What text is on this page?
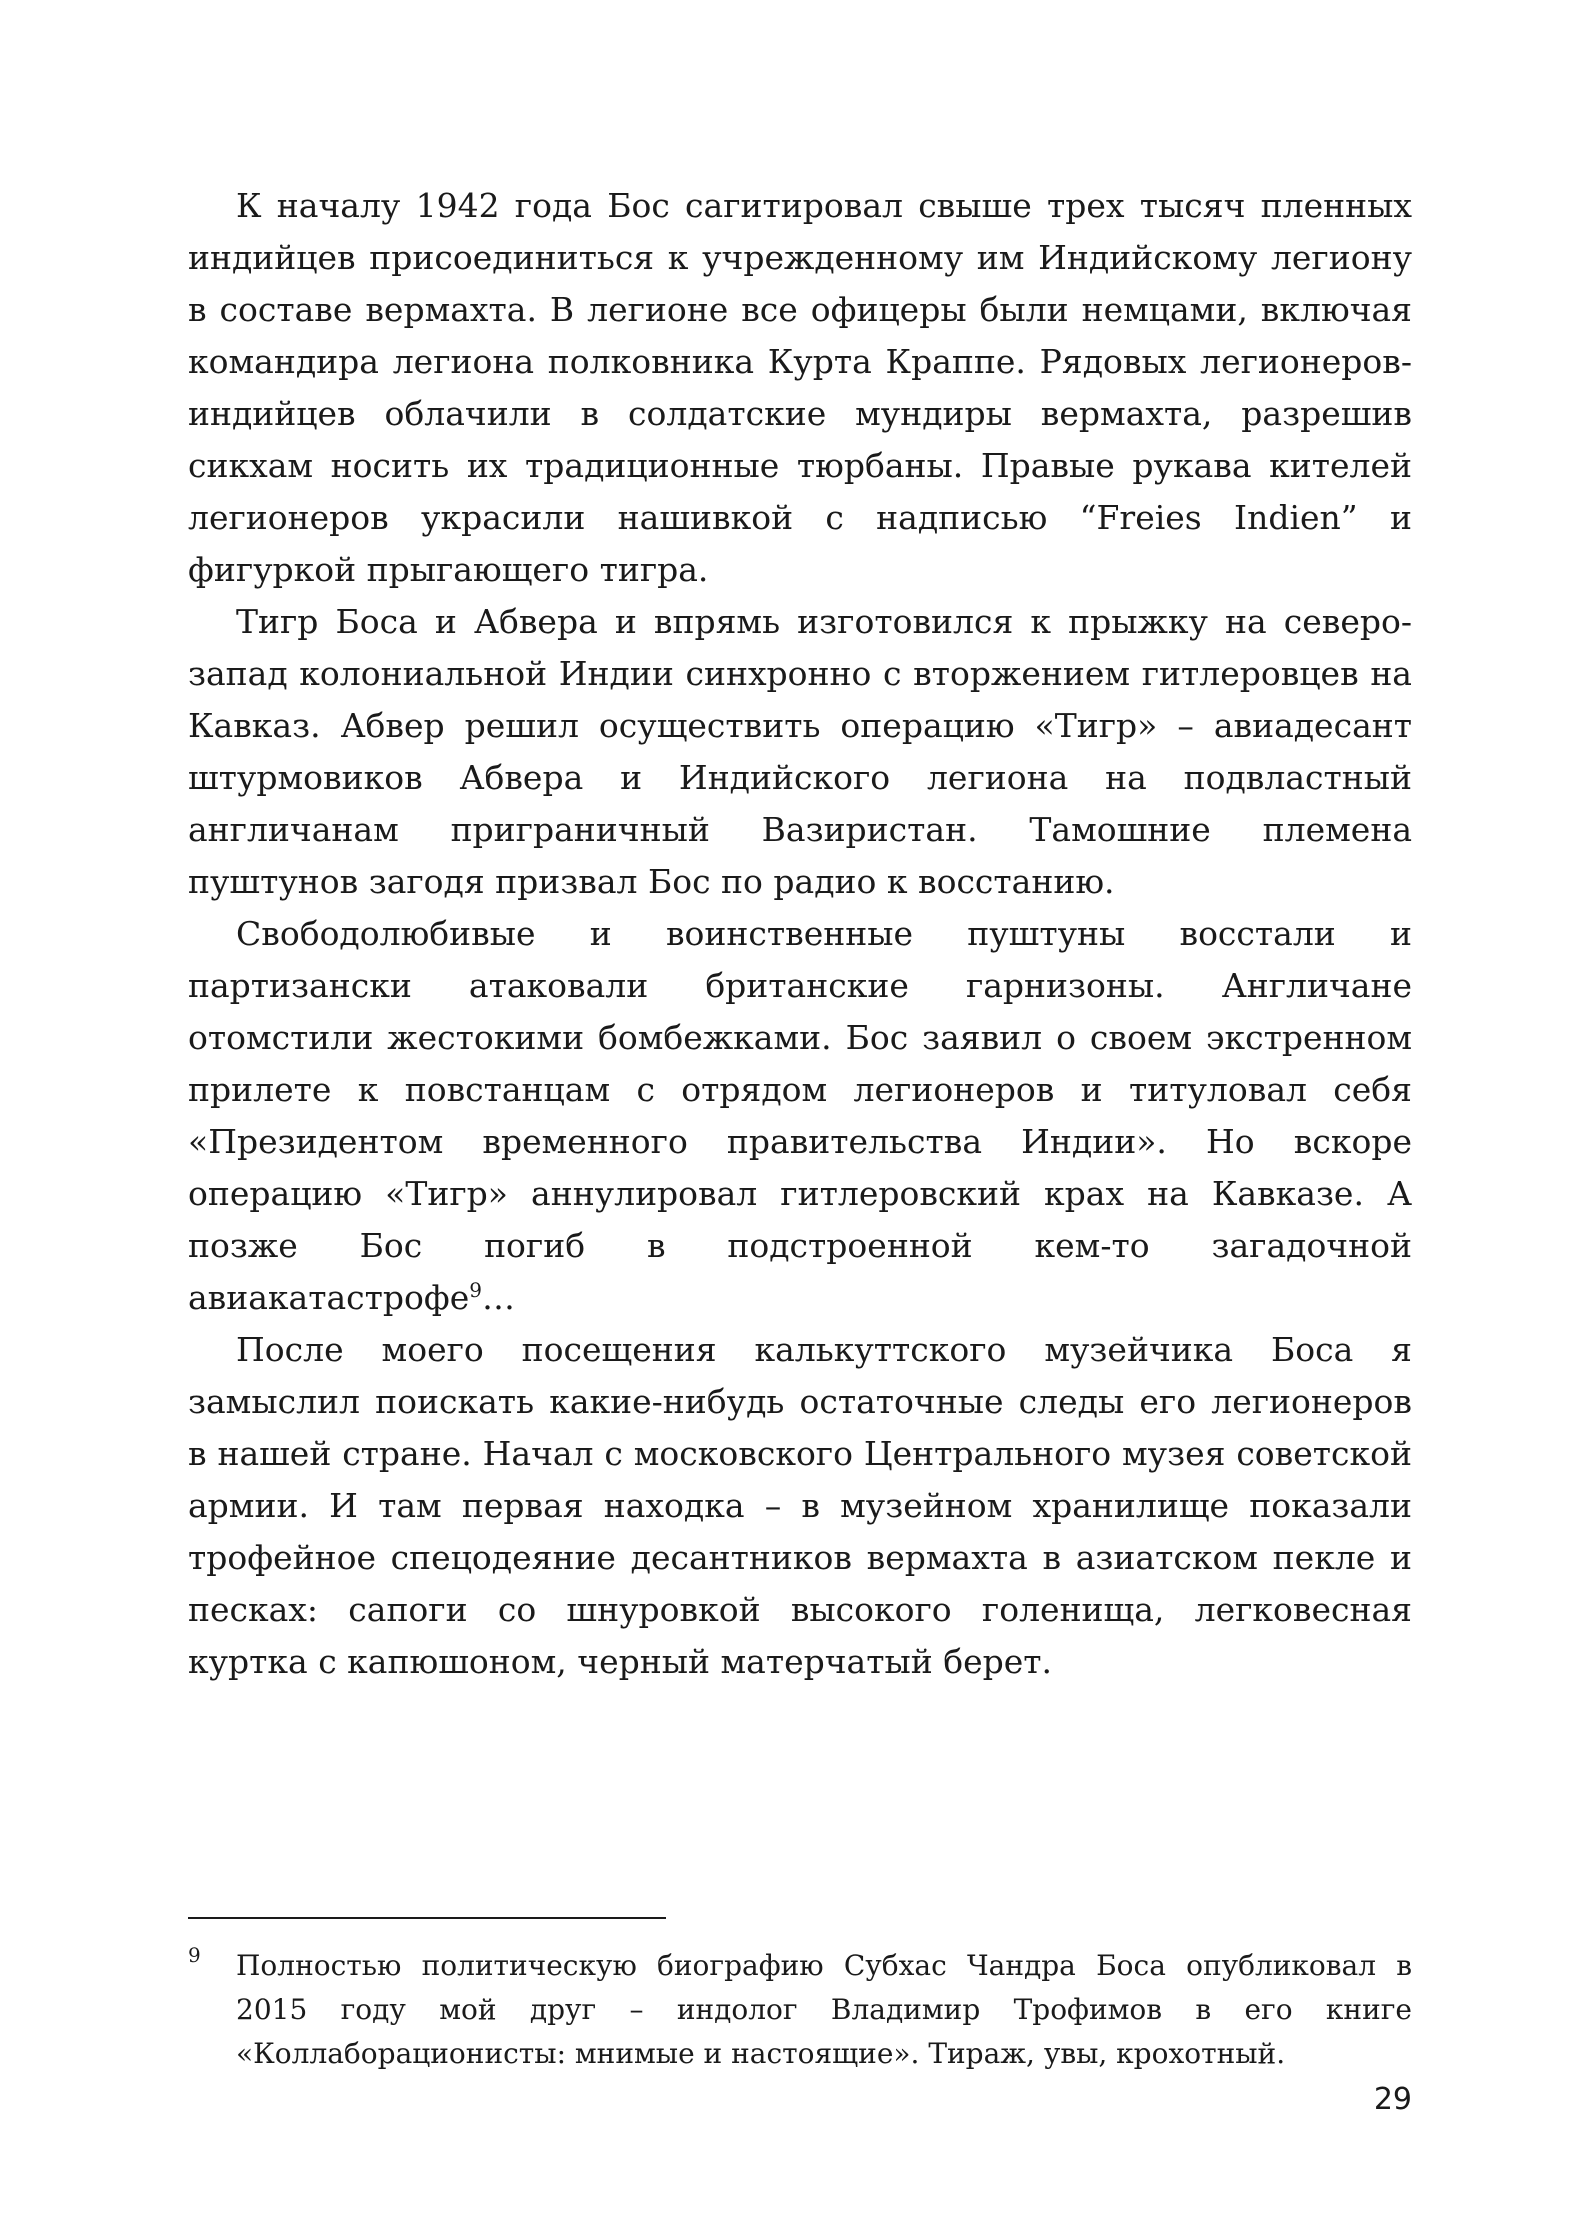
К началу 1942 года Бос сагитировал свыше трех тысяч пленных индийцев присоединиться к учрежденному им Индийскому легиону в составе вермахта. В легионе все офицеры были немцами, включая командира легиона полковника Курта Краппе. Рядовых легионеров-индийцев облачили в солдатские мундиры вермахта, разрешив сикхам носить их традиционные тюрбаны. Правые рукава кителей легионеров украсили нашивкой с надписью “Freies Indien” и фигуркой прыгающего тигра.

Тигр Боса и Абвера и впрямь изготовился к прыжку на северо-запад колониальной Индии синхронно с вторжением гитлеровцев на Кавказ. Абвер решил осуществить операцию «Тигр» – авиадесант штурмовиков Абвера и Индийского легиона на подвластный англичанам приграничный Вазиристан. Тамошние племена пуштунов загодя призвал Бос по радио к восстанию.

Свободолюбивые и воинственные пуштуны восстали и партизански атаковали британские гарнизоны. Англичане отомстили жестокими бомбежками. Бос заявил о своем экстренном прилете к повстанцам с отрядом легионеров и титуловал себя «Президентом временного правительства Индии». Но вскоре операцию «Тигр» аннулировал гитлеровский крах на Кавказе. А позже Бос погиб в подстроенной кем-то загадочной авиакатастрофе$^9$…

После моего посещения калькуттского музейчика Боса я замыслил поискать какие-нибудь остаточные следы его легионеров в нашей стране. Начал с московского Центрального музея советской армии. И там первая находка – в музейном хранилище показали трофейное спецодеяние десантников вермахта в азиатском пекле и песках: сапоги со шнуровкой высокого голенища, легковесная куртка с капюшоном, черный матерчатый берет.

9 Полностью политическую биографию Субхас Чандра Боса опубликовал в 2015 году мой друг – индолог Владимир Трофимов в его книге «Коллаборационисты: мнимые и настоящие». Тираж, увы, крохотный.
29
